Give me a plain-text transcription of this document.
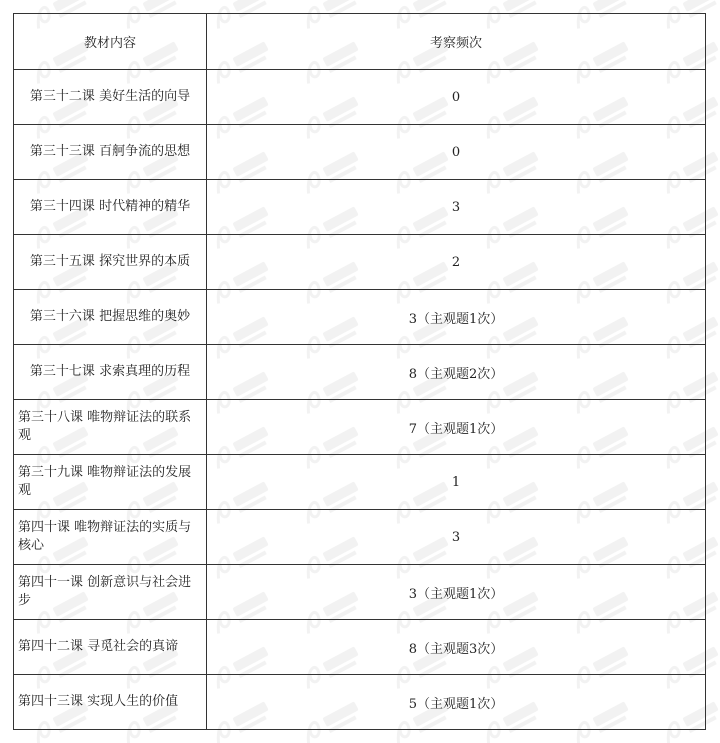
教材内容	考察频次
第三十二课 美好生活的向导	0
第三十三课 百舸争流的思想	0
第三十四课 时代精神的精华	3
第三十五课 探究世界的本质	2
第三十六课 把握思维的奥妙	3（主观题1次）
第三十七课 求索真理的历程	8（主观题2次）
第三十八课 唯物辩证法的联系观	7（主观题1次）
第三十九课 唯物辩证法的发展观	1
第四十课 唯物辩证法的实质与核心	3
第四十一课 创新意识与社会进步	3（主观题1次）
第四十二课 寻觅社会的真谛	8（主观题3次）
第四十三课 实现人生的价值	5（主观题1次）
